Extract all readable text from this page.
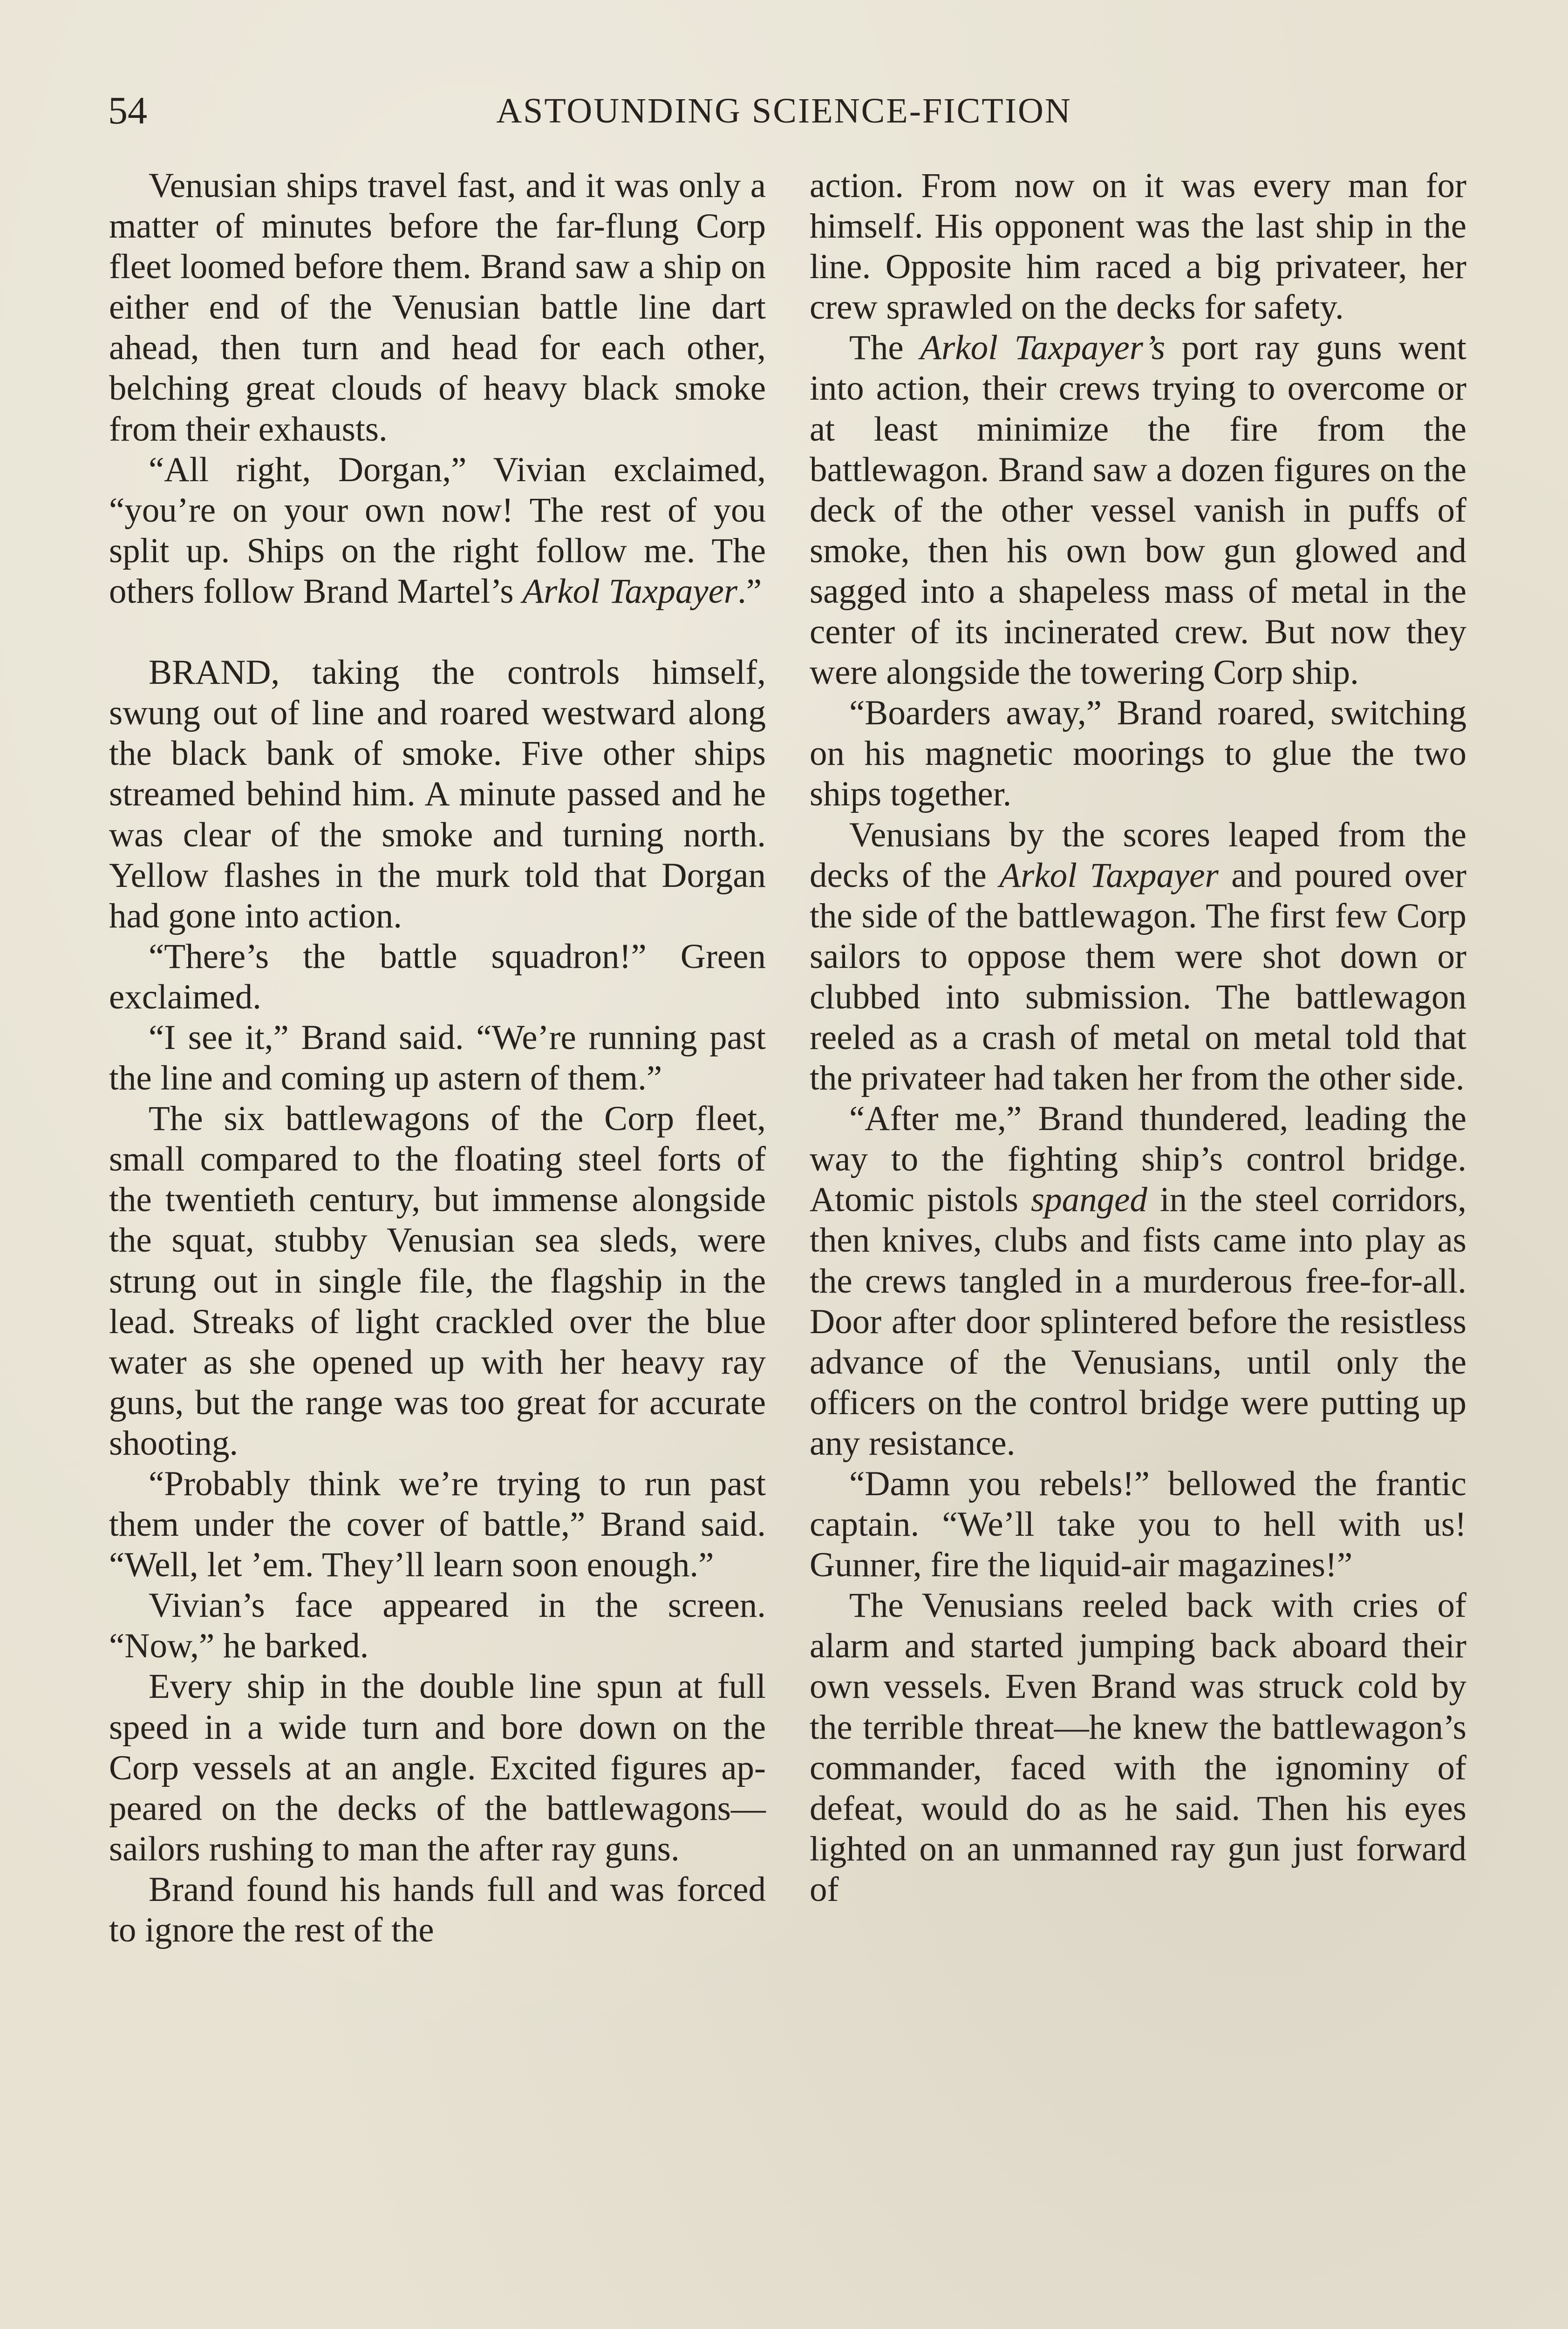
54	ASTOUNDING SCIENCE-FICTION

Venusian ships travel fast, and it was only a matter of minutes before the far-flung Corp fleet loomed before them. Brand saw a ship on either end of the Venusian battle line dart ahead, then turn and head for each other, belching great clouds of heavy black smoke from their exhausts.

“All right, Dorgan,” Vivian exclaimed, “you’re on your own now! The rest of you split up. Ships on the right follow me. The others follow Brand Martel’s Arkol Taxpayer.”

BRAND, taking the controls himself, swung out of line and roared westward along the black bank of smoke. Five other ships streamed behind him. A minute passed and he was clear of the smoke and turning north. Yellow flashes in the murk told that Dorgan had gone into action.

“There’s the battle squadron!” Green exclaimed.

“I see it,” Brand said. “We’re running past the line and coming up astern of them.”

The six battlewagons of the Corp fleet, small compared to the floating steel forts of the twentieth century, but immense alongside the squat, stubby Venusian sea sleds, were strung out in single file, the flagship in the lead. Streaks of light crackled over the blue water as she opened up with her heavy ray guns, but the range was too great for accurate shooting.

“Probably think we’re trying to run past them under the cover of battle,” Brand said. “Well, let ’em. They’ll learn soon enough.”

Vivian’s face appeared in the screen. “Now,” he barked.

Every ship in the double line spun at full speed in a wide turn and bore down on the Corp vessels at an angle. Excited figures appeared on the decks of the battlewagons—sailors rushing to man the after ray guns.

Brand found his hands full and was forced to ignore the rest of the

action. From now on it was every man for himself. His opponent was the last ship in the line. Opposite him raced a big privateer, her crew sprawled on the decks for safety.

The Arkol Taxpayer’s port ray guns went into action, their crews trying to overcome or at least minimize the fire from the battlewagon. Brand saw a dozen figures on the deck of the other vessel vanish in puffs of smoke, then his own bow gun glowed and sagged into a shapeless mass of metal in the center of its incinerated crew. But now they were alongside the towering Corp ship.

“Boarders away,” Brand roared, switching on his magnetic moorings to glue the two ships together.

Venusians by the scores leaped from the decks of the Arkol Taxpayer and poured over the side of the battlewagon. The first few Corp sailors to oppose them were shot down or clubbed into submission. The battlewagon reeled as a crash of metal on metal told that the privateer had taken her from the other side.

“After me,” Brand thundered, leading the way to the fighting ship’s control bridge. Atomic pistols spanged in the steel corridors, then knives, clubs and fists came into play as the crews tangled in a murderous free-for-all. Door after door splintered before the resistless advance of the Venusians, until only the officers on the control bridge were putting up any resistance.

“Damn you rebels!” bellowed the frantic captain. “We’ll take you to hell with us! Gunner, fire the liquid-air magazines!”

The Venusians reeled back with cries of alarm and started jumping back aboard their own vessels. Even Brand was struck cold by the terrible threat—he knew the battlewagon’s commander, faced with the ignominy of defeat, would do as he said. Then his eyes lighted on an unmanned ray gun just forward of
